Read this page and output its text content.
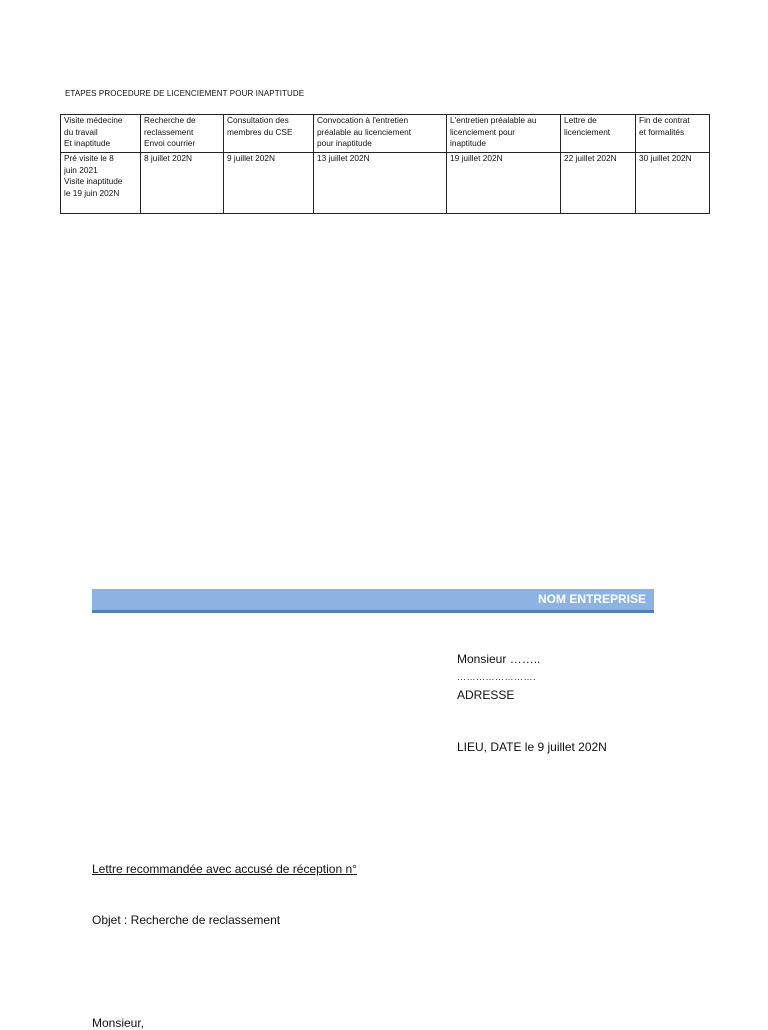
ETAPES PROCEDURE DE LICENCIEMENT POUR INAPTITUDE
Visite médecine
du travail
Et inaptitude	Recherche de
reclassement
Envoi courrier	Consultation des
membres du CSE	Convocation à l'entretien
préalable au licenciement
pour inaptitude	L'entretien préalable au
licenciement pour
inaptitude	Lettre de
licenciement	Fin de contrat
et formalités

Pré visite le 8
juin 2021
Visite inaptitude
le 19 juin 202N	8 juillet 202N	9 juillet 202N	13 juillet 202N	19 juillet 202N	22 juillet 202N	30 juillet 202N
NOM ENTREPRISE
Monsieur ……..
…………………….
ADRESSE
LIEU, DATE le 9 juillet 202N
Lettre recommandée avec accusé de réception n°
Objet : Recherche de reclassement
Monsieur,
